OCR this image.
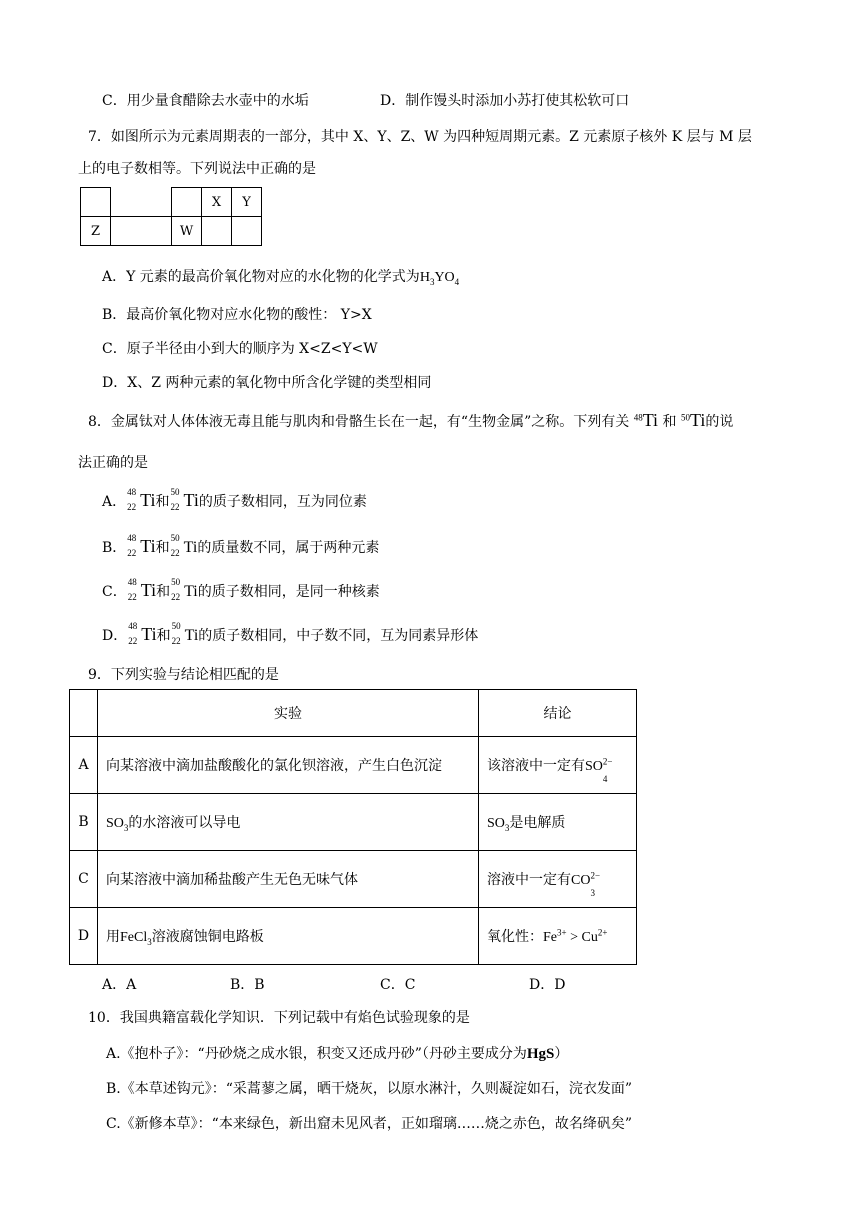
C．用少量食醋除去水壶中的水垢	D．制作馒头时添加小苏打使其松软可口
7．如图所示为元素周期表的一部分，其中 X、Y、Z、W 为四种短周期元素。Z 元素原子核外 K 层与 M 层
上的电子数相等。下列说法中正确的是
				X	Y
Z			W		
A．Y 元素的最高价氧化物对应的水化物的化学式为$H_3YO_4$
B．最高价氧化物对应水化物的酸性： Y>X
C．原子半径由小到大的顺序为 X<Z<Y<W
D．X、Z 两种元素的氧化物中所含化学键的类型相同
8．金属钛对人体体液无毒且能与肌肉和骨骼生长在一起，有“生物金属”之称。下列有关 $^{48}$Ti 和 $^{50}$Ti的说
法正确的是
A．
48
22 Ti和
50
22 Ti的质子数相同，互为同位素
B．
48
22 Ti和
50
22 Ti的质量数不同，属于两种元素
C．
48
22 Ti和
50
22 Ti的质子数相同，是同一种核素
D．
48
22 Ti和
50
22 Ti的质子数相同，中子数不同，互为同素异形体
9．下列实验与结论相匹配的是
	实验	结论
A	向某溶液中滴加盐酸酸化的氯化钡溶液，产生白色沉淀	该溶液中一定有$SO^{2-}$
4

B	$SO_3$的水溶液可以导电	$SO_3$是电解质
C	向某溶液中滴加稀盐酸产生无色无味气体	溶液中一定有$CO^{2-}$
3

D	用FeCl$_3$溶液腐蚀铜电路板	氧化性：$Fe^{3+} > Cu^{2+}$
A．A	B．B	C．C	D．D
10．我国典籍富载化学知识．下列记载中有焰色试验现象的是
A.《抱朴子》：“丹砂烧之成水银，积变又还成丹砂”（丹砂主要成分为HgS）
B.《本草述钩元》：“采蒿蓼之属，晒干烧灰，以原水淋汁，久则凝淀如石，浣衣发面”
C.《新修本草》：“本来绿色，新出窟未见风者，正如瑠璃……烧之赤色，故名绛矾矣”
